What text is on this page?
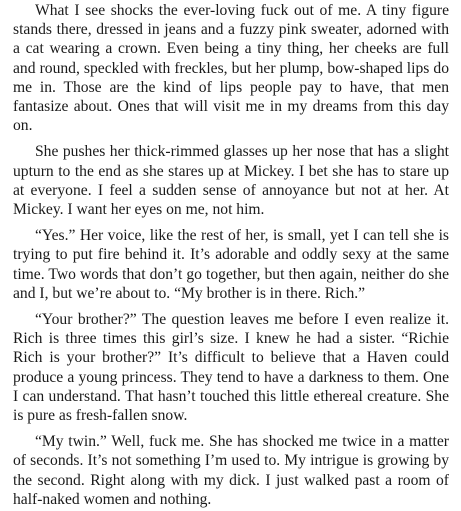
What I see shocks the ever-loving fuck out of me. A tiny figure stands there, dressed in jeans and a fuzzy pink sweater, adorned with a cat wearing a crown. Even being a tiny thing, her cheeks are full and round, speckled with freckles, but her plump, bow-shaped lips do me in. Those are the kind of lips people pay to have, that men fantasize about. Ones that will visit me in my dreams from this day on.

She pushes her thick-rimmed glasses up her nose that has a slight upturn to the end as she stares up at Mickey. I bet she has to stare up at everyone. I feel a sudden sense of annoyance but not at her. At Mickey. I want her eyes on me, not him.

“Yes.” Her voice, like the rest of her, is small, yet I can tell she is trying to put fire behind it. It’s adorable and oddly sexy at the same time. Two words that don’t go together, but then again, neither do she and I, but we’re about to. “My brother is in there. Rich.”

“Your brother?” The question leaves me before I even realize it. Rich is three times this girl’s size. I knew he had a sister. “Richie Rich is your brother?” It’s difficult to believe that a Haven could produce a young princess. They tend to have a darkness to them. One I can understand. That hasn’t touched this little ethereal creature. She is pure as fresh-fallen snow.

“My twin.” Well, fuck me. She has shocked me twice in a matter of seconds. It’s not something I’m used to. My intrigue is growing by the second. Right along with my dick. I just walked past a room of half-naked women and nothing.
